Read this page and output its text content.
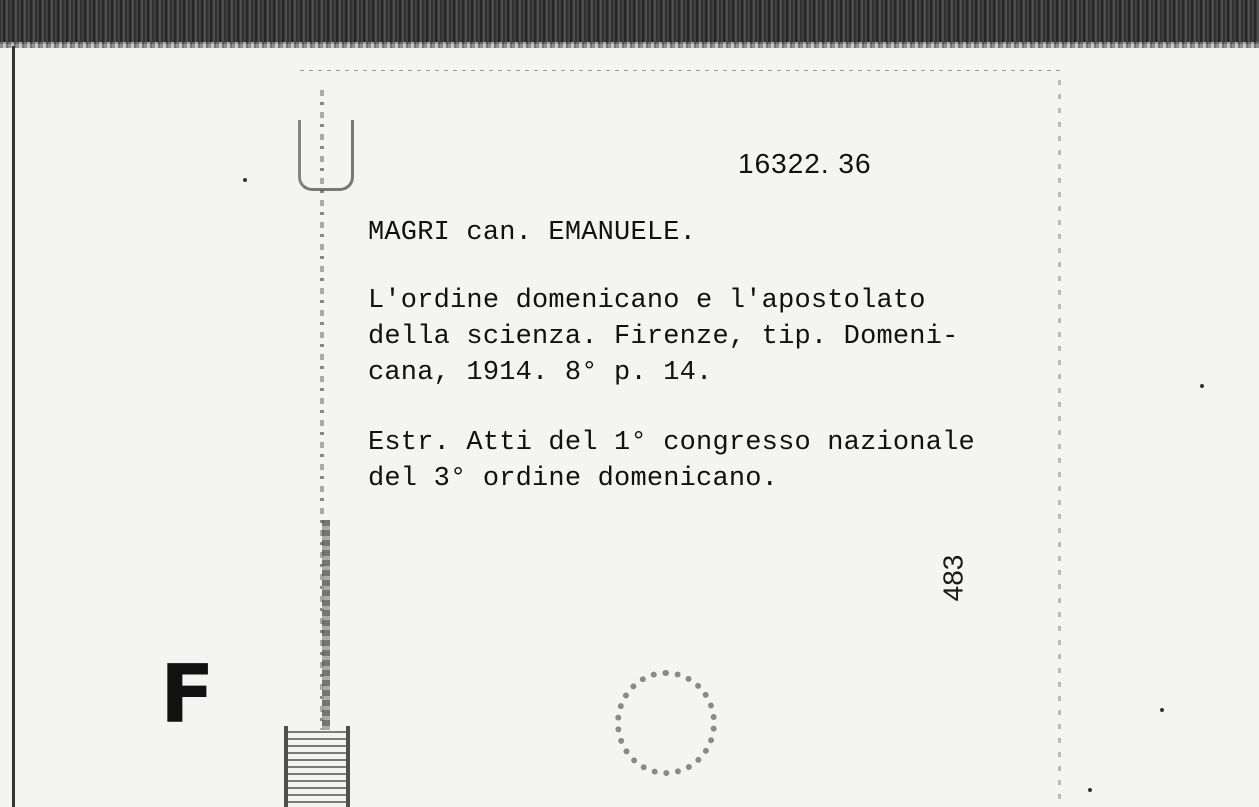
16322. 36

MAGRI can. EMANUELE.

L'ordine domenicano e l'apostolato

della scienza. Firenze, tip. Domeni-

cana, 1914. 8° p. 14.

Estr. Atti del 1° congresso nazionale

del 3° ordine domenicano.

483
F
